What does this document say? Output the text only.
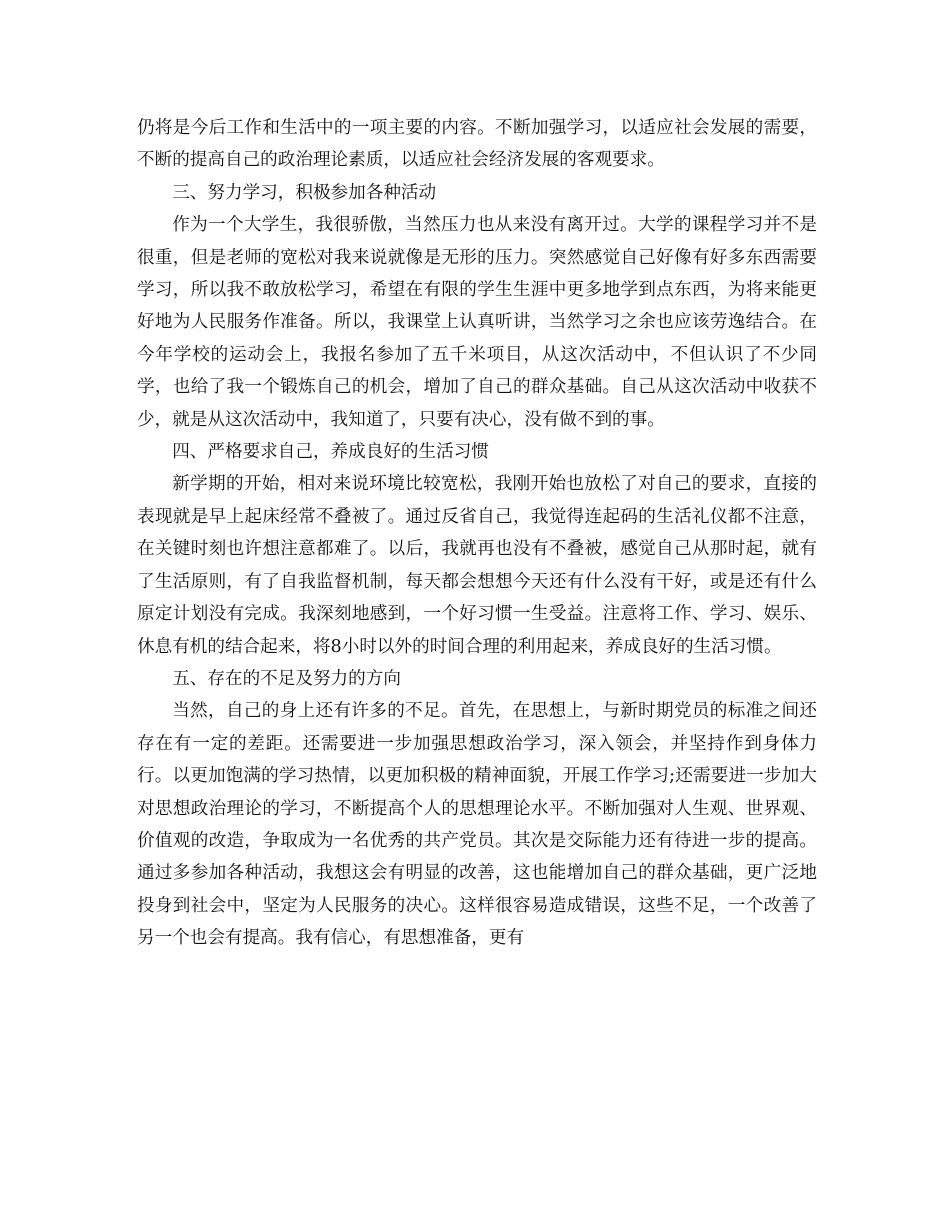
仍将是今后工作和生活中的一项主要的内容。不断加强学习，以适应社会发展的需要，不断的提高自己的政治理论素质，以适应社会经济发展的客观要求。

三、努力学习，积极参加各种活动

作为一个大学生，我很骄傲，当然压力也从来没有离开过。大学的课程学习并不是很重，但是老师的宽松对我来说就像是无形的压力。突然感觉自己好像有好多东西需要学习，所以我不敢放松学习，希望在有限的学生生涯中更多地学到点东西，为将来能更好地为人民服务作准备。所以，我课堂上认真听讲，当然学习之余也应该劳逸结合。在今年学校的运动会上，我报名参加了五千米项目，从这次活动中，不但认识了不少同学，也给了我一个锻炼自己的机会，增加了自己的群众基础。自己从这次活动中收获不少，就是从这次活动中，我知道了，只要有决心，没有做不到的事。

四、严格要求自己，养成良好的生活习惯

新学期的开始，相对来说环境比较宽松，我刚开始也放松了对自己的要求，直接的表现就是早上起床经常不叠被了。通过反省自己，我觉得连起码的生活礼仪都不注意，在关键时刻也许想注意都难了。以后，我就再也没有不叠被，感觉自己从那时起，就有了生活原则，有了自我监督机制，每天都会想想今天还有什么没有干好，或是还有什么原定计划没有完成。我深刻地感到，一个好习惯一生受益。注意将工作、学习、娱乐、休息有机的结合起来，将8小时以外的时间合理的利用起来，养成良好的生活习惯。

五、存在的不足及努力的方向

当然，自己的身上还有许多的不足。首先，在思想上，与新时期党员的标准之间还存在有一定的差距。还需要进一步加强思想政治学习，深入领会，并坚持作到身体力行。以更加饱满的学习热情，以更加积极的精神面貌，开展工作学习;还需要进一步加大对思想政治理论的学习，不断提高个人的思想理论水平。不断加强对人生观、世界观、价值观的改造，争取成为一名优秀的共产党员。其次是交际能力还有待进一步的提高。通过多参加各种活动，我想这会有明显的改善，这也能增加自己的群众基础，更广泛地投身到社会中，坚定为人民服务的决心。这样很容易造成错误，这些不足，一个改善了另一个也会有提高。我有信心，有思想准备，更有
